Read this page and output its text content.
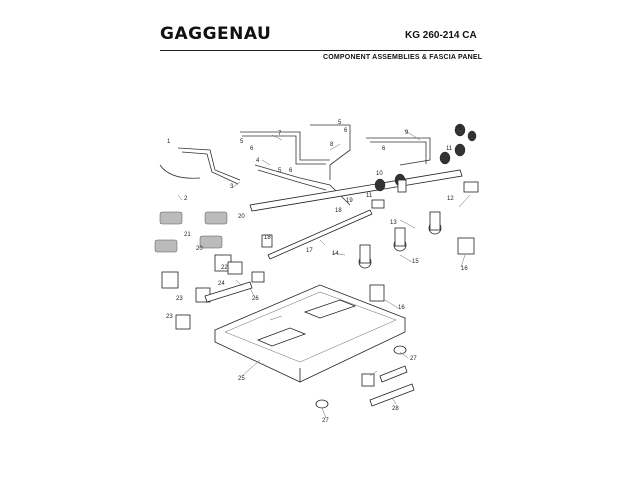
GAGGENAU	KG 260-214 CA
COMPONENT ASSEMBLIES & FASCIA PANEL
1
2
3
4
5
5
5
6
6
6
6
7
8
9
10
11
11	12
13
14
15
15
16
16
17
18
18
19
20
20
21
22
23
23
24
25
26
27
27
28
